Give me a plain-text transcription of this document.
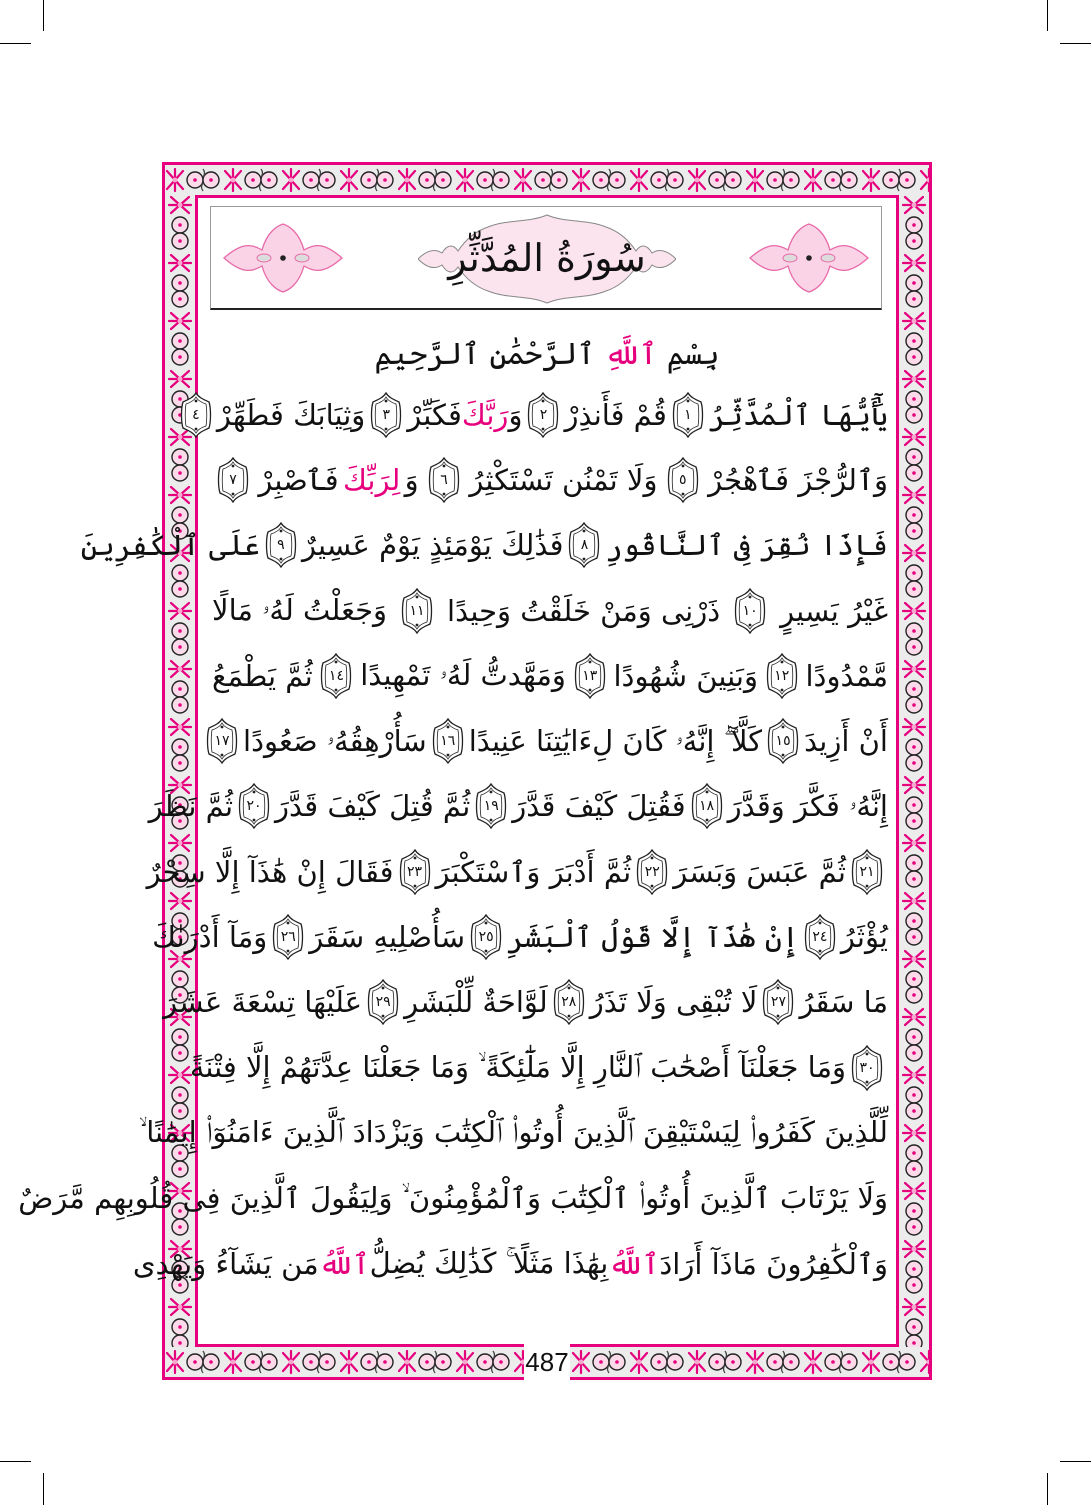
سُورَةُ المُدَّثِّرِ
بِسْمِ ٱللَّهِ ٱلرَّحْمَٰنِ ٱلرَّحِيمِ
يَٰٓأَيُّهَا ٱلْمُدَّثِّرُ
١
قُمْ فَأَنذِرْ
٢
وَ
رَبَّكَ
فَكَبِّرْ
٣
وَثِيَابَكَ فَطَهِّرْ
٤
وَٱلرُّجْزَ فَٱهْجُرْ
٥
وَلَا تَمْنُن تَسْتَكْثِرُ
٦
وَ
لِرَبِّكَ
فَٱصْبِرْ
٧
فَإِذَا نُقِرَ فِى ٱلنَّاقُورِ
٨
فَذَٰلِكَ يَوْمَئِذٍ يَوْمٌ عَسِيرٌ
٩
عَلَى ٱلْكَٰفِرِينَ
غَيْرُ يَسِيرٍ
١٠
ذَرْنِى وَمَنْ خَلَقْتُ وَحِيدًا
١١
وَجَعَلْتُ لَهُۥ مَالًا
مَّمْدُودًا
١٢
وَبَنِينَ شُهُودًا
١٣
وَمَهَّدتُّ لَهُۥ تَمْهِيدًا
١٤
ثُمَّ يَطْمَعُ
أَنْ أَزِيدَ
١٥
كَلَّآ ۖ إِنَّهُۥ كَانَ لِءَايَٰتِنَا عَنِيدًا
١٦
سَأُرْهِقُهُۥ صَعُودًا
١٧
إِنَّهُۥ فَكَّرَ وَقَدَّرَ
١٨
فَقُتِلَ كَيْفَ قَدَّرَ
١٩
ثُمَّ قُتِلَ كَيْفَ قَدَّرَ
٢٠
ثُمَّ نَظَرَ
٢١
ثُمَّ عَبَسَ وَبَسَرَ
٢٢
ثُمَّ أَدْبَرَ وَٱسْتَكْبَرَ
٢٣
فَقَالَ إِنْ هَٰذَآ إِلَّا سِحْرٌ
يُؤْثَرُ
٢٤
إِنْ هَٰذَآ إِلَّا قَوْلُ ٱلْبَشَرِ
٢٥
سَأُصْلِيهِ سَقَرَ
٢٦
وَمَآ أَدْرَىٰكَ
مَا سَقَرُ
٢٧
لَا تُبْقِى وَلَا تَذَرُ
٢٨
لَوَّاحَةٌ لِّلْبَشَرِ
٢٩
عَلَيْهَا تِسْعَةَ عَشَرَ
٣٠
وَمَا جَعَلْنَآ أَصْحَٰبَ ٱلنَّارِ إِلَّا مَلَٰٓئِكَةً ۙ وَمَا جَعَلْنَا عِدَّتَهُمْ إِلَّا فِتْنَةً
لِّلَّذِينَ كَفَرُوا۟ لِيَسْتَيْقِنَ ٱلَّذِينَ أُوتُوا۟ ٱلْكِتَٰبَ وَيَزْدَادَ ٱلَّذِينَ ءَامَنُوٓا۟ إِيمَٰنًا ۙ
وَلَا يَرْتَابَ ٱلَّذِينَ أُوتُوا۟ ٱلْكِتَٰبَ وَٱلْمُؤْمِنُونَ ۙ وَلِيَقُولَ ٱلَّذِينَ فِى قُلُوبِهِم مَّرَضٌ
وَٱلْكَٰفِرُونَ مَاذَآ أَرَادَ
ٱللَّهُ
بِهَٰذَا مَثَلًا ۚ كَذَٰلِكَ يُضِلُّ
ٱللَّهُ
مَن يَشَآءُ وَيَهْدِى
487
